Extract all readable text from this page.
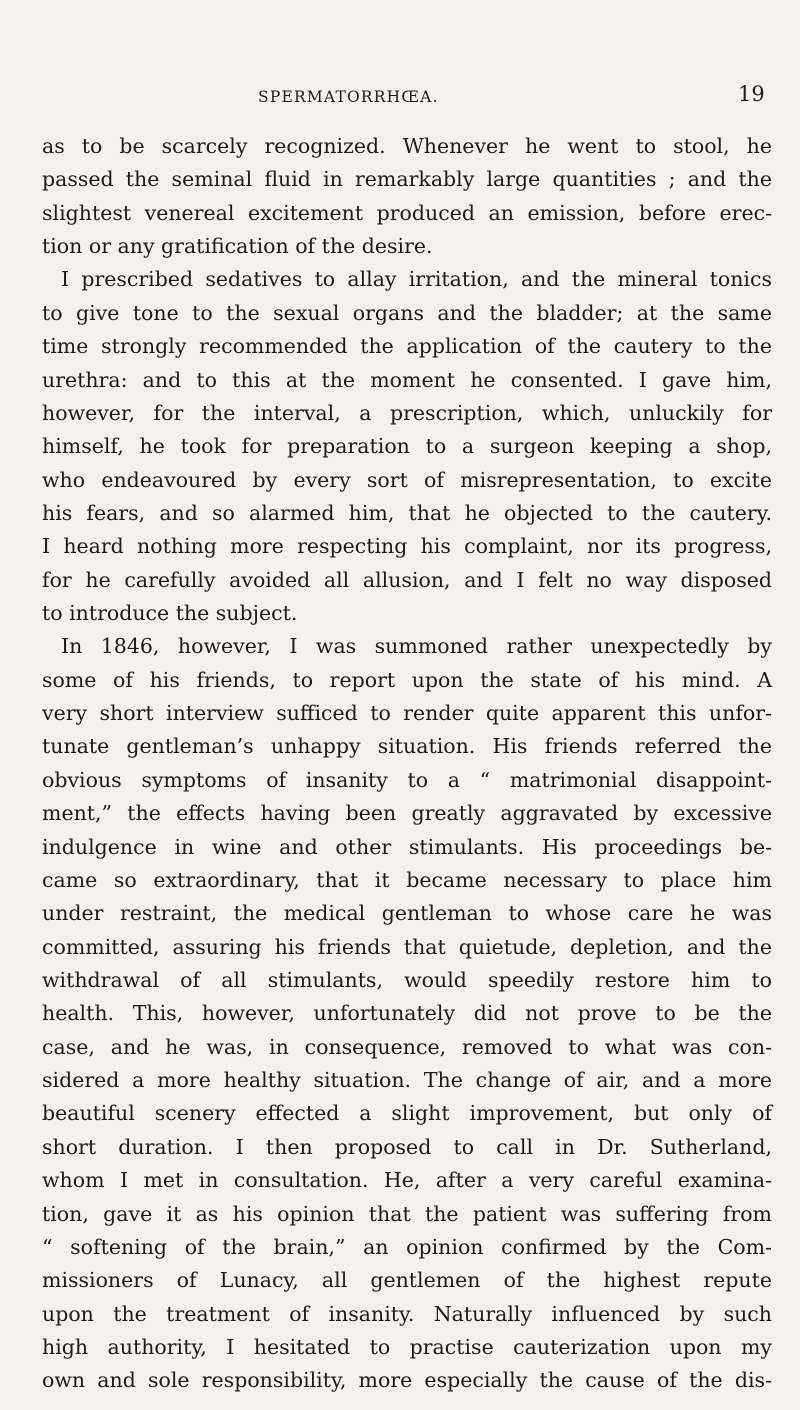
SPERMATORRHŒA.	19
as to be scarcely recognized. Whenever he went to stool, he
passed the seminal fluid in remarkably large quantities ; and the
slightest venereal excitement produced an emission, before erec-
tion or any gratification of the desire.
I prescribed sedatives to allay irritation, and the mineral tonics
to give tone to the sexual organs and the bladder; at the same
time strongly recommended the application of the cautery to the
urethra: and to this at the moment he consented. I gave him,
however, for the interval, a prescription, which, unluckily for
himself, he took for preparation to a surgeon keeping a shop,
who endeavoured by every sort of misrepresentation, to excite
his fears, and so alarmed him, that he objected to the cautery.
I heard nothing more respecting his complaint, nor its progress,
for he carefully avoided all allusion, and I felt no way disposed
to introduce the subject.
In 1846, however, I was summoned rather unexpectedly by
some of his friends, to report upon the state of his mind. A
very short interview sufficed to render quite apparent this unfor-
tunate gentleman’s unhappy situation. His friends referred the
obvious symptoms of insanity to a “ matrimonial disappoint-
ment,” the effects having been greatly aggravated by excessive
indulgence in wine and other stimulants. His proceedings be-
came so extraordinary, that it became necessary to place him
under restraint, the medical gentleman to whose care he was
committed, assuring his friends that quietude, depletion, and the
withdrawal of all stimulants, would speedily restore him to
health. This, however, unfortunately did not prove to be the
case, and he was, in consequence, removed to what was con-
sidered a more healthy situation. The change of air, and a more
beautiful scenery effected a slight improvement, but only of
short duration. I then proposed to call in Dr. Sutherland,
whom I met in consultation. He, after a very careful examina-
tion, gave it as his opinion that the patient was suffering from
“ softening of the brain,” an opinion confirmed by the Com-
missioners of Lunacy, all gentlemen of the highest repute
upon the treatment of insanity. Naturally influenced by such
high authority, I hesitated to practise cauterization upon my
own and sole responsibility, more especially the cause of the dis-
